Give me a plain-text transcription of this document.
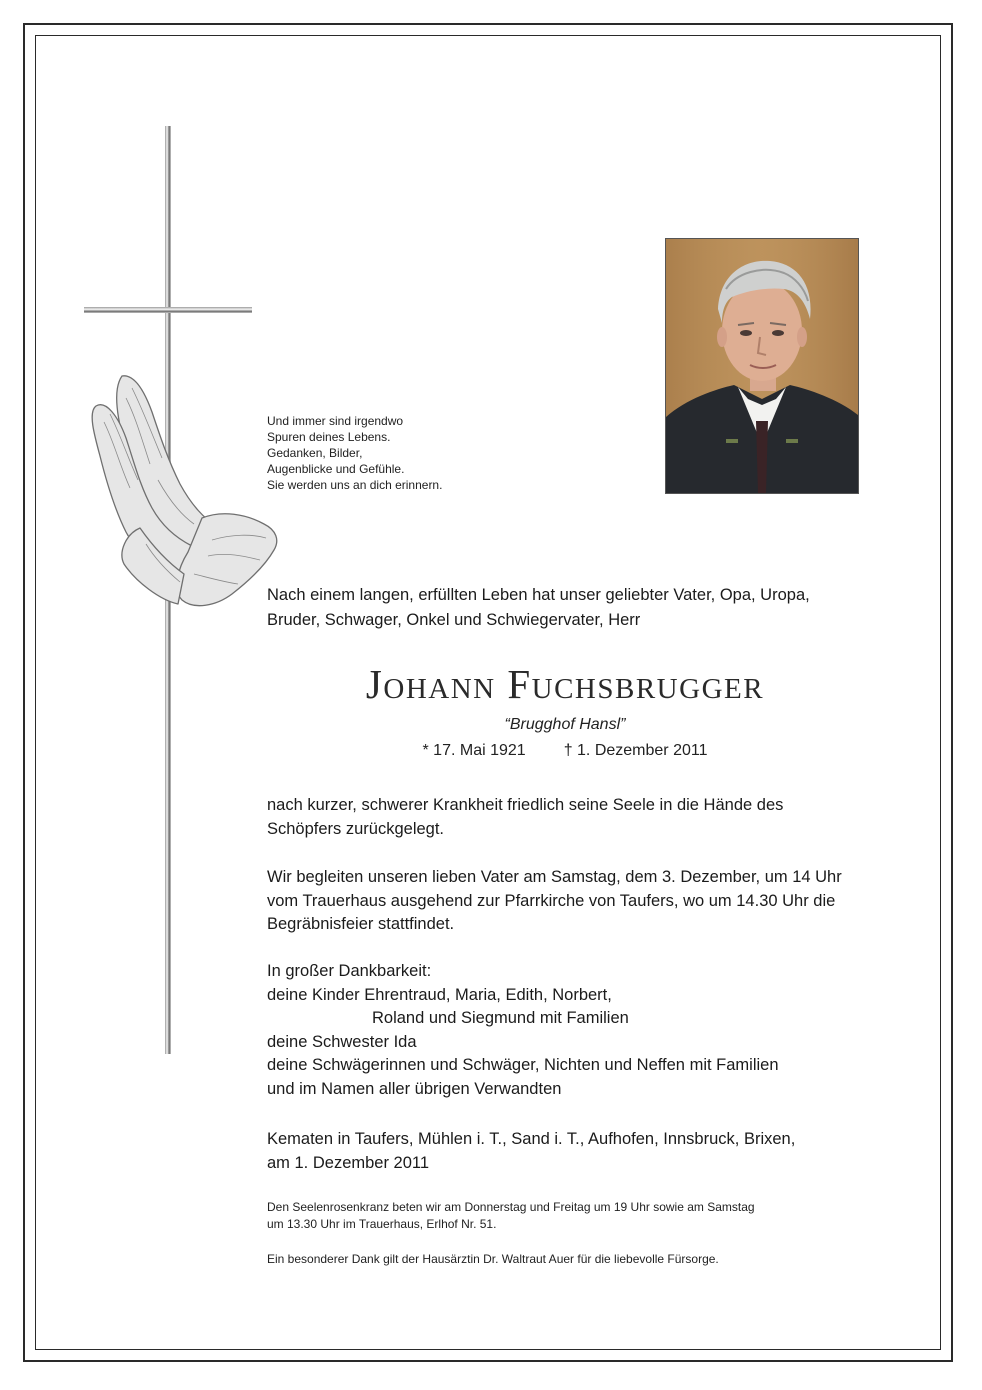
Und immer sind irgendwo
Spuren deines Lebens.
Gedanken, Bilder,
Augenblicke und Gefühle.
Sie werden uns an dich erinnern.
Nach einem langen, erfüllten Leben hat unser geliebter Vater, Opa, Uropa,
Bruder, Schwager, Onkel und Schwiegervater, Herr
Johann Fuchsbrugger
“Brugghof Hansl”
* 17. Mai 1921 † 1. Dezember 2011
nach kurzer, schwerer Krankheit friedlich seine Seele in die Hände des
Schöpfers zurückgelegt.
Wir begleiten unseren lieben Vater am Samstag, dem 3. Dezember, um 14 Uhr
vom Trauerhaus ausgehend zur Pfarrkirche von Taufers, wo um 14.30 Uhr die
Begräbnisfeier stattfindet.
In großer Dankbarkeit:
deine Kinder Ehrentraud, Maria, Edith, Norbert,
Roland und Siegmund mit Familien
deine Schwester Ida
deine Schwägerinnen und Schwäger, Nichten und Neffen mit Familien
und im Namen aller übrigen Verwandten
Kematen in Taufers, Mühlen i. T., Sand i. T., Aufhofen, Innsbruck, Brixen,
am 1. Dezember 2011
Den Seelenrosenkranz beten wir am Donnerstag und Freitag um 19 Uhr sowie am Samstag
um 13.30 Uhr im Trauerhaus, Erlhof Nr. 51.
Ein besonderer Dank gilt der Hausärztin Dr. Waltraut Auer für die liebevolle Fürsorge.
